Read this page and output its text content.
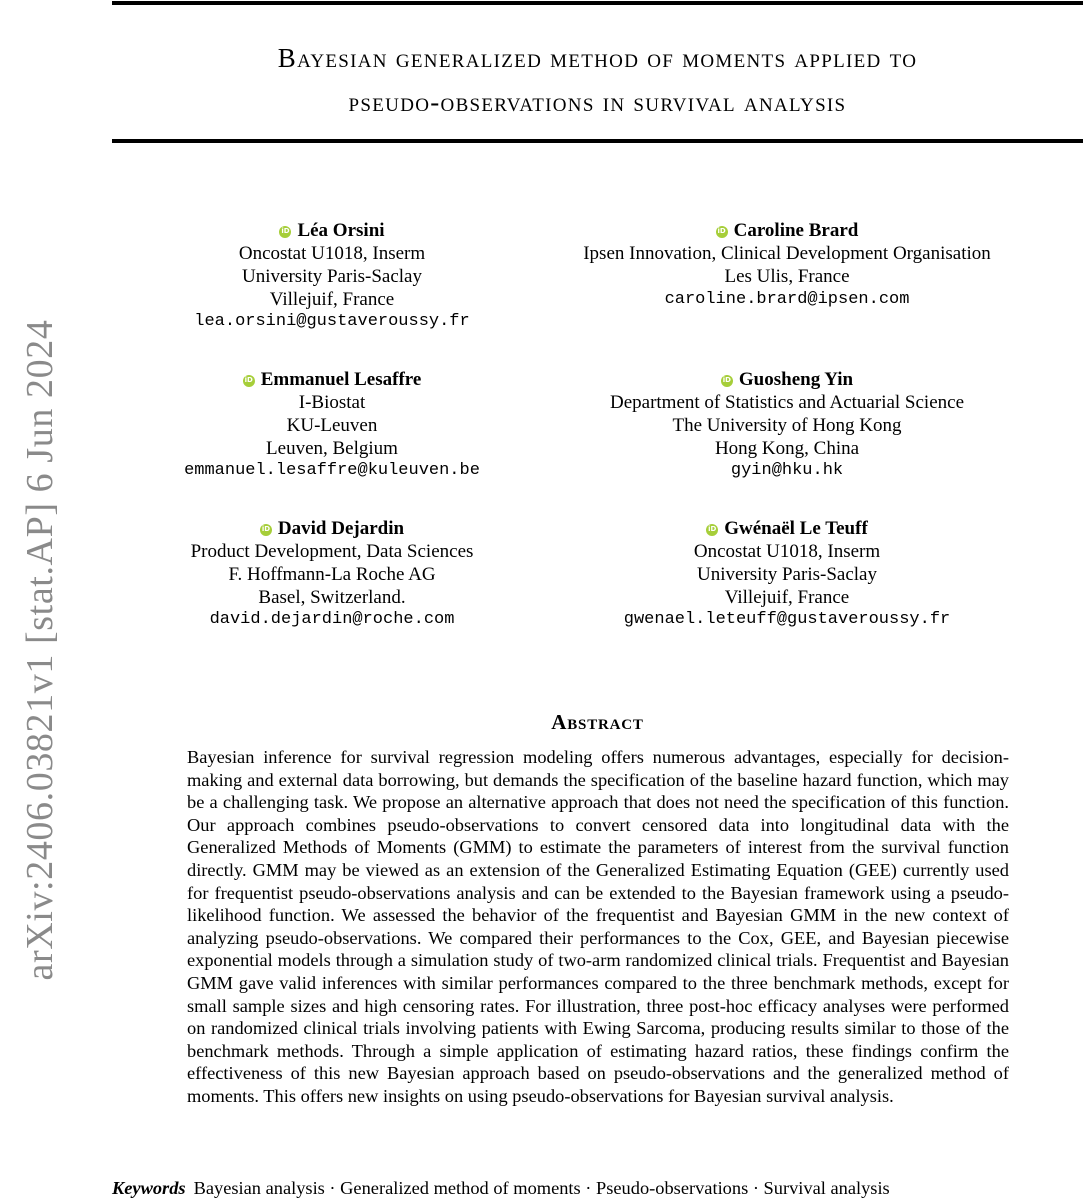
Bayesian generalized method of moments applied to
pseudo-observations in survival analysis
arXiv:2406.03821v1 [stat.AP] 6 Jun 2024
iD Léa Orsini
Oncostat U1018, Inserm
University Paris-Saclay
Villejuif, France
lea.orsini@gustaveroussy.fr
iD Caroline Brard
Ipsen Innovation, Clinical Development Organisation
Les Ulis, France
caroline.brard@ipsen.com
iD Emmanuel Lesaffre
I-Biostat
KU-Leuven
Leuven, Belgium
emmanuel.lesaffre@kuleuven.be
iD Guosheng Yin
Department of Statistics and Actuarial Science
The University of Hong Kong
Hong Kong, China
gyin@hku.hk
iD David Dejardin
Product Development, Data Sciences
F. Hoffmann-La Roche AG
Basel, Switzerland.
david.dejardin@roche.com
iD Gwénaël Le Teuff
Oncostat U1018, Inserm
University Paris-Saclay
Villejuif, France
gwenael.leteuff@gustaveroussy.fr
Abstract
Bayesian inference for survival regression modeling offers numerous advantages, especially for decision-making and external data borrowing, but demands the specification of the baseline hazard function, which may be a challenging task. We propose an alternative approach that does not need the specification of this function. Our approach combines pseudo-observations to convert censored data into longitudinal data with the Generalized Methods of Moments (GMM) to estimate the parameters of interest from the survival function directly. GMM may be viewed as an extension of the Generalized Estimating Equation (GEE) currently used for frequentist pseudo-observations analysis and can be extended to the Bayesian framework using a pseudo-likelihood function. We assessed the behavior of the frequentist and Bayesian GMM in the new context of analyzing pseudo-observations. We compared their performances to the Cox, GEE, and Bayesian piecewise exponential models through a simulation study of two-arm randomized clinical trials. Frequentist and Bayesian GMM gave valid inferences with similar performances compared to the three benchmark methods, except for small sample sizes and high censoring rates. For illustration, three post-hoc efficacy analyses were performed on randomized clinical trials involving patients with Ewing Sarcoma, producing results similar to those of the benchmark methods. Through a simple application of estimating hazard ratios, these findings confirm the effectiveness of this new Bayesian approach based on pseudo-observations and the generalized method of moments. This offers new insights on using pseudo-observations for Bayesian survival analysis.
Keywords Bayesian analysis · Generalized method of moments · Pseudo-observations · Survival analysis
